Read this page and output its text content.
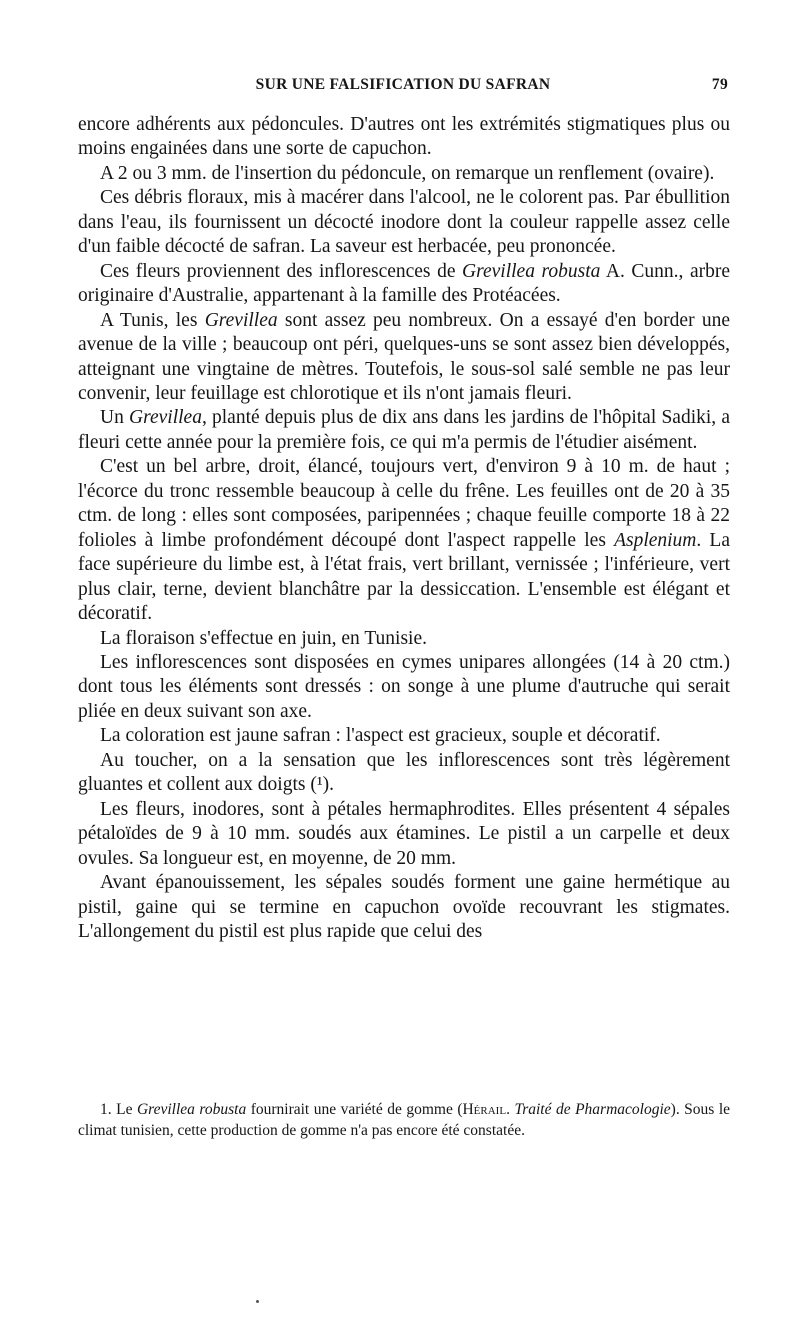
SUR UNE FALSIFICATION DU SAFRAN	79

encore adhérents aux pédoncules. D'autres ont les extrémités stigmatiques plus ou moins engainées dans une sorte de capuchon.

A 2 ou 3 mm. de l'insertion du pédoncule, on remarque un renflement (ovaire).

Ces débris floraux, mis à macérer dans l'alcool, ne le colorent pas. Par ébullition dans l'eau, ils fournissent un décocté inodore dont la couleur rappelle assez celle d'un faible décocté de safran. La saveur est herbacée, peu prononcée.

Ces fleurs proviennent des inflorescences de Grevillea robusta A. Cunn., arbre originaire d'Australie, appartenant à la famille des Protéacées.

A Tunis, les Grevillea sont assez peu nombreux. On a essayé d'en border une avenue de la ville ; beaucoup ont péri, quelques-uns se sont assez bien développés, atteignant une vingtaine de mètres. Toutefois, le sous-sol salé semble ne pas leur convenir, leur feuillage est chlorotique et ils n'ont jamais fleuri.

Un Grevillea, planté depuis plus de dix ans dans les jardins de l'hôpital Sadiki, a fleuri cette année pour la première fois, ce qui m'a permis de l'étudier aisément.

C'est un bel arbre, droit, élancé, toujours vert, d'environ 9 à 10 m. de haut ; l'écorce du tronc ressemble beaucoup à celle du frêne. Les feuilles ont de 20 à 35 ctm. de long : elles sont composées, paripennées ; chaque feuille comporte 18 à 22 folioles à limbe profondément découpé dont l'aspect rappelle les Asplenium. La face supérieure du limbe est, à l'état frais, vert brillant, vernissée ; l'inférieure, vert plus clair, terne, devient blanchâtre par la dessiccation. L'ensemble est élégant et décoratif.

La floraison s'effectue en juin, en Tunisie.

Les inflorescences sont disposées en cymes unipares allongées (14 à 20 ctm.) dont tous les éléments sont dressés : on songe à une plume d'autruche qui serait pliée en deux suivant son axe.

La coloration est jaune safran : l'aspect est gracieux, souple et décoratif.

Au toucher, on a la sensation que les inflorescences sont très légèrement gluantes et collent aux doigts (¹).

Les fleurs, inodores, sont à pétales hermaphrodites. Elles présentent 4 sépales pétaloïdes de 9 à 10 mm. soudés aux étamines. Le pistil a un carpelle et deux ovules. Sa longueur est, en moyenne, de 20 mm.

Avant épanouissement, les sépales soudés forment une gaine hermétique au pistil, gaine qui se termine en capuchon ovoïde recouvrant les stigmates. L'allongement du pistil est plus rapide que celui des

1. Le Grevillea robusta fournirait une variété de gomme (Hérail. Traité de Pharmacologie). Sous le climat tunisien, cette production de gomme n'a pas encore été constatée.
